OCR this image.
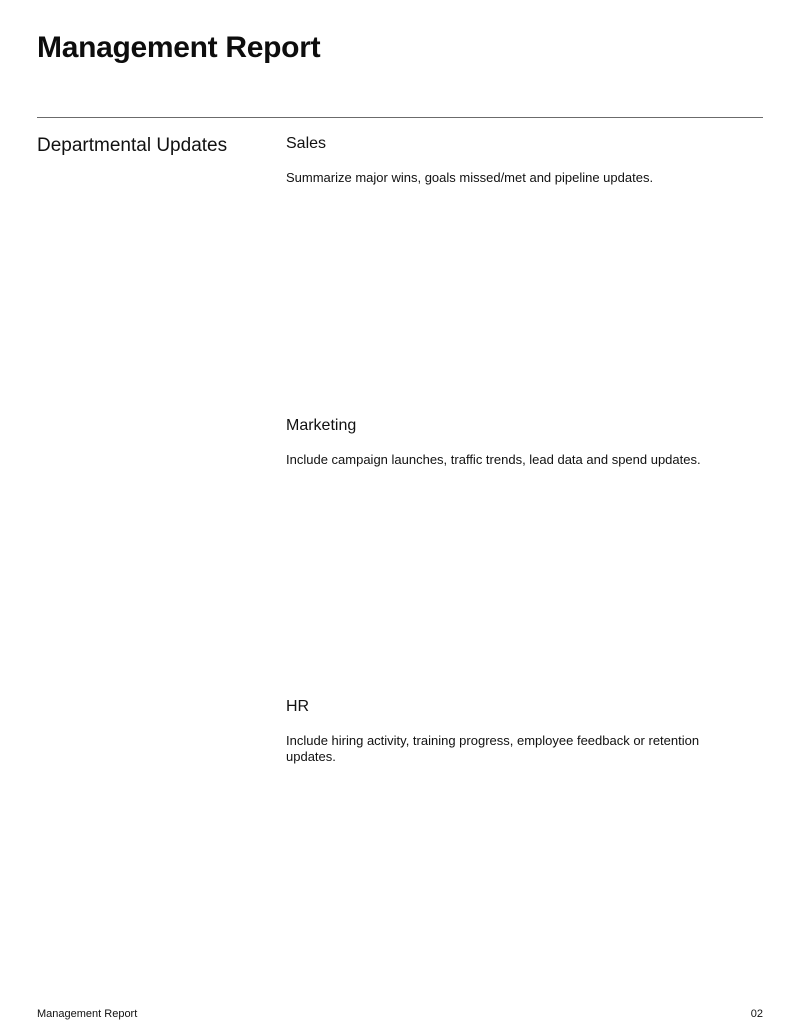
Management Report
Departmental Updates	Sales

Summarize major wins, goals missed/met and pipeline updates.

Marketing

Include campaign launches, traffic trends, lead data and spend updates.

HR

Include hiring activity, training progress, employee feedback or retention updates.

Management Report	02
